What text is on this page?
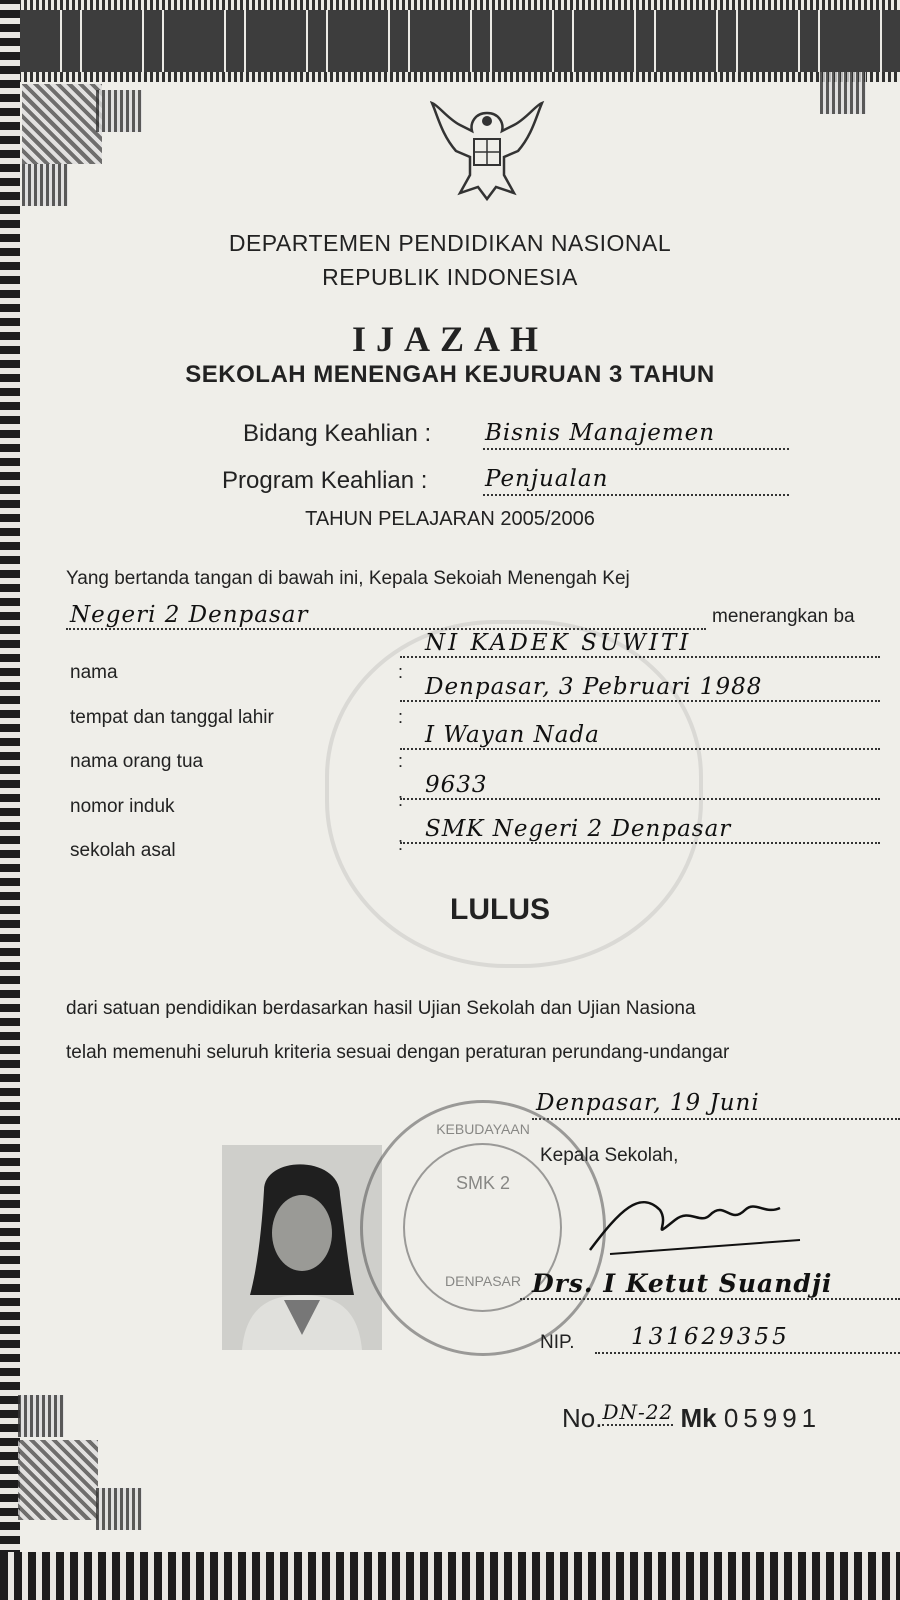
DEPARTEMEN PENDIDIKAN NASIONAL
REPUBLIK INDONESIA
IJAZAH
SEKOLAH MENENGAH KEJURUAN 3 TAHUN
Bidang Keahlian : Bisnis Manajemen
Program Keahlian :	Penjualan
TAHUN PELAJARAN 2005/2006
Yang bertanda tangan di bawah ini, Kepala Sekoiah Menengah Kej
Negeri 2 Denpasar	menerangkan ba
nama
NI KADEK SUWITI
:
tempat dan tanggal lahir
Denpasar, 3 Pebruari 1988
:
nama orang tua
I Wayan Nada
:
nomor induk
9633
:
sekolah asal
SMK Negeri 2 Denpasar
:
LULUS
dari satuan pendidikan berdasarkan hasil Ujian Sekolah dan Ujian Nasiona
telah memenuhi seluruh kriteria sesuai dengan peraturan perundang-undangar
Denpasar, 19 Juni
KEBUDAYAAN
SMK 2
DENPASAR
Kepala Sekolah,
Drs. I Ketut Suandji
NIP. 131629355
No.$^{DN-22}$ Mk 05991
